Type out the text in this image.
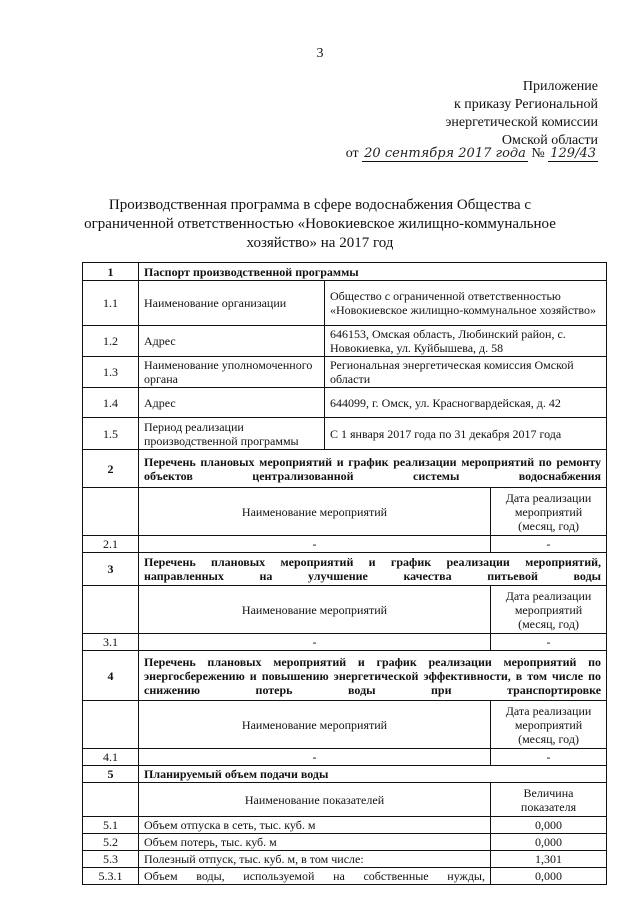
3
Приложение
к приказу Региональной
энергетической комиссии
Омской области
от 20 сентября 2017 года № 129/43
Производственная программа в сфере водоснабжения Общества с
ограниченной ответственностью «Новокиевское жилищно-коммунальное
хозяйство» на 2017 год
1	Паспорт производственной программы		
1.1	Наименование организации	Общество с ограниченной ответственностью «Новокиевское жилищно-коммунальное хозяйство»	
1.2	Адрес	646153, Омская область, Любинский район, с. Новокиевка, ул. Куйбышева, д. 58	
1.3	Наименование уполномоченного органа	Региональная энергетическая комиссия Омской области	
1.4	Адрес	644099, г. Омск, ул. Красногвардейская, д. 42	
1.5	Период реализации производственной программы	С 1 января 2017 года по 31 декабря 2017 года	
2	Перечень плановых мероприятий и график реализации мероприятий по ремонту объектов централизованной системы водоснабжения		
	Наименование мероприятий		Дата реализации мероприятий (месяц, год)
2.1	-		-
3	Перечень плановых мероприятий и график реализации мероприятий, направленных на улучшение качества питьевой воды		
	Наименование мероприятий		Дата реализации мероприятий (месяц, год)
3.1	-		-
4	Перечень плановых мероприятий и график реализации мероприятий по энергосбережению и повышению энергетической эффективности, в том числе по снижению потерь воды при транспортировке		
	Наименование мероприятий		Дата реализации мероприятий (месяц, год)
4.1	-		-
5	Планируемый объем подачи воды		
	Наименование показателей		Величина показателя
5.1	Объем отпуска в сеть, тыс. куб. м		0,000
5.2	Объем потерь, тыс. куб. м		0,000
5.3	Полезный отпуск, тыс. куб. м, в том числе:		1,301
5.3.1	Объем воды, используемой на собственные нужды,		0,000
